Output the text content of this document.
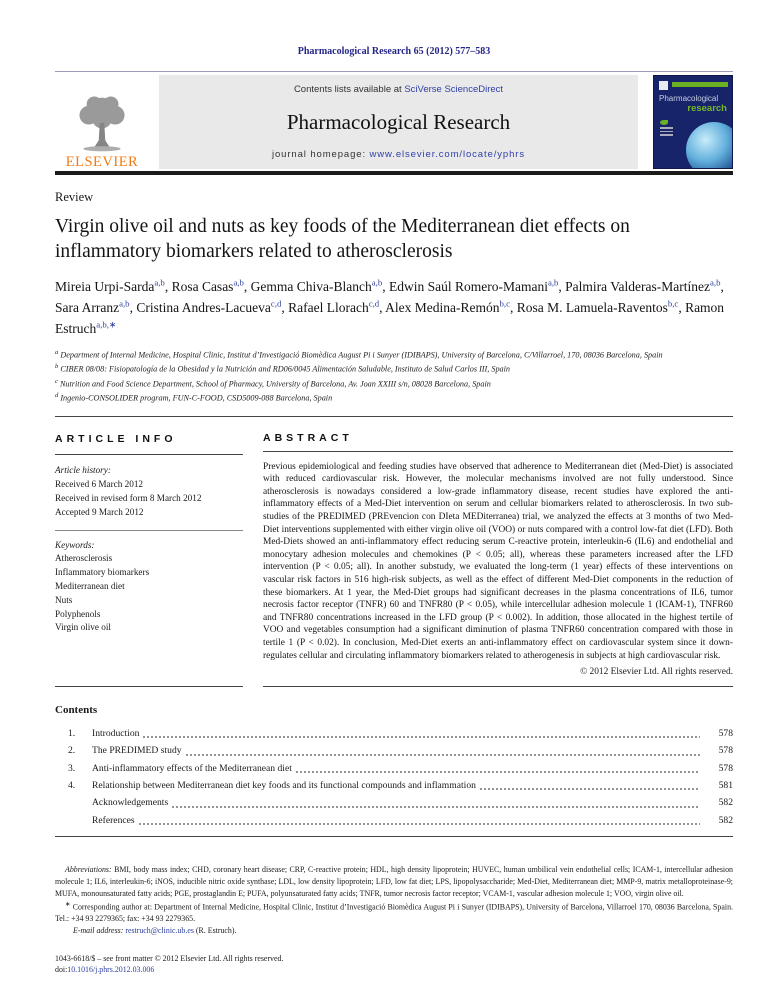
Pharmacological Research 65 (2012) 577–583
ELSEVIER
Contents lists available at SciVerse ScienceDirect
Pharmacological Research
journal homepage: www.elsevier.com/locate/yphrs
Pharmacological
research
Review
Virgin olive oil and nuts as key foods of the Mediterranean diet effects on inflammatory biomarkers related to atherosclerosis
Mireia Urpi-Sarda$^{a,b}$, Rosa Casas$^{a,b}$, Gemma Chiva-Blanch$^{a,b}$, Edwin Saúl Romero-Mamani$^{a,b}$, Palmira Valderas-Martínez$^{a,b}$, Sara Arranz$^{a,b}$, Cristina Andres-Lacueva$^{c,d}$, Rafael Llorach$^{c,d}$, Alex Medina-Remón$^{b,c}$, Rosa M. Lamuela-Raventos$^{b,c}$, Ramon Estruch$^{a,b,∗}$
$^a$ Department of Internal Medicine, Hospital Clinic, Institut d’Investigació Biomèdica August Pi i Sunyer (IDIBAPS), University of Barcelona, C/Villarroel, 170, 08036 Barcelona, Spain
$^b$ CIBER 08/08: Fisiopatología de la Obesidad y la Nutrición and RD06/0045 Alimentación Saludable, Instituto de Salud Carlos III, Spain
$^c$ Nutrition and Food Science Department, School of Pharmacy, University of Barcelona, Av. Joan XXIII s/n, 08028 Barcelona, Spain
$^d$ Ingenio-CONSOLIDER program, FUN-C-FOOD, CSD5009-088 Barcelona, Spain
ARTICLE INFO
Article history:
Received 6 March 2012
Received in revised form 8 March 2012
Accepted 9 March 2012
Keywords:
Atherosclerosis
Inflammatory biomarkers
Mediterranean diet
Nuts
Polyphenols
Virgin olive oil
ABSTRACT

Previous epidemiological and feeding studies have observed that adherence to Mediterranean diet (Med-Diet) is associated with reduced cardiovascular risk. However, the molecular mechanisms involved are not fully understood. Since atherosclerosis is nowadays considered a low-grade inflammatory disease, recent studies have explored the anti-inflammatory effects of a Med-Diet intervention on serum and cellular biomarkers related to atherosclerosis. In two sub-studies of the PREDIMED (PREvencion con DIeta MEDiterranea) trial, we analyzed the effects at 3 months of two Med-Diet interventions supplemented with either virgin olive oil (VOO) or nuts compared with a control low-fat diet (LFD). Both Med-Diets showed an anti-inflammatory effect reducing serum C-reactive protein, interleukin-6 (IL6) and endothelial and monocytary adhesion molecules and chemokines (P < 0.05; all), whereas these parameters increased after the LFD intervention (P < 0.05; all). In another substudy, we evaluated the long-term (1 year) effects of these interventions on vascular risk factors in 516 high-risk subjects, as well as the effect of different Med-Diet components in the reduction of these biomarkers. At 1 year, the Med-Diet groups had significant decreases in the plasma concentrations of IL6, tumor necrosis factor receptor (TNFR) 60 and TNFR80 (P < 0.05), while intercellular adhesion molecule 1 (ICAM-1), TNFR60 and TNFR80 concentrations increased in the LFD group (P < 0.002). In addition, those allocated in the highest tertile of VOO and vegetables consumption had a significant diminution of plasma TNFR60 concentration compared with those in tertile 1 (P < 0.02). In conclusion, Med-Diet exerts an anti-inflammatory effect on cardiovascular system since it down-regulates cellular and circulating inflammatory biomarkers related to atherogenesis in subjects at high cardiovascular risk.

© 2012 Elsevier Ltd. All rights reserved.
Contents
1.	Introduction	578
2.	The PREDIMED study	578
3.	Anti-inflammatory effects of the Mediterranean diet	578
4.	Relationship between Mediterranean diet key foods and its functional compounds and inflammation	581
Acknowledgements	582
References	582

Abbreviations: BMI, body mass index; CHD, coronary heart disease; CRP, C-reactive protein; HDL, high density lipoprotein; HUVEC, human umbilical vein endothelial cells; ICAM-1, intercellular adhesion molecule 1; IL6, interleukin-6; iNOS, inducible nitric oxide synthase; LDL, low density lipoprotein; LFD, low fat diet; LPS, lipopolysaccharide; Med-Diet, Mediterranean diet; MMP-9, matrix metalloproteinase-9; MUFA, monounsaturated fatty acids; PGE, prostaglandin E; PUFA, polyunsaturated fatty acids; TNFR, tumor necrosis factor receptor; VCAM-1, vascular adhesion molecule 1; VOO, virgin olive oil.

∗ Corresponding author at: Department of Internal Medicine, Hospital Clinic, Institut d’Investigació Biomèdica August Pi i Sunyer (IDIBAPS), University of Barcelona, Villarroel 170, 08036 Barcelona, Spain. Tel.: +34 93 2279365; fax: +34 93 2279365.

E-mail address: restruch@clinic.ub.es (R. Estruch).

1043-6618/$ – see front matter © 2012 Elsevier Ltd. All rights reserved.
doi:10.1016/j.phrs.2012.03.006
